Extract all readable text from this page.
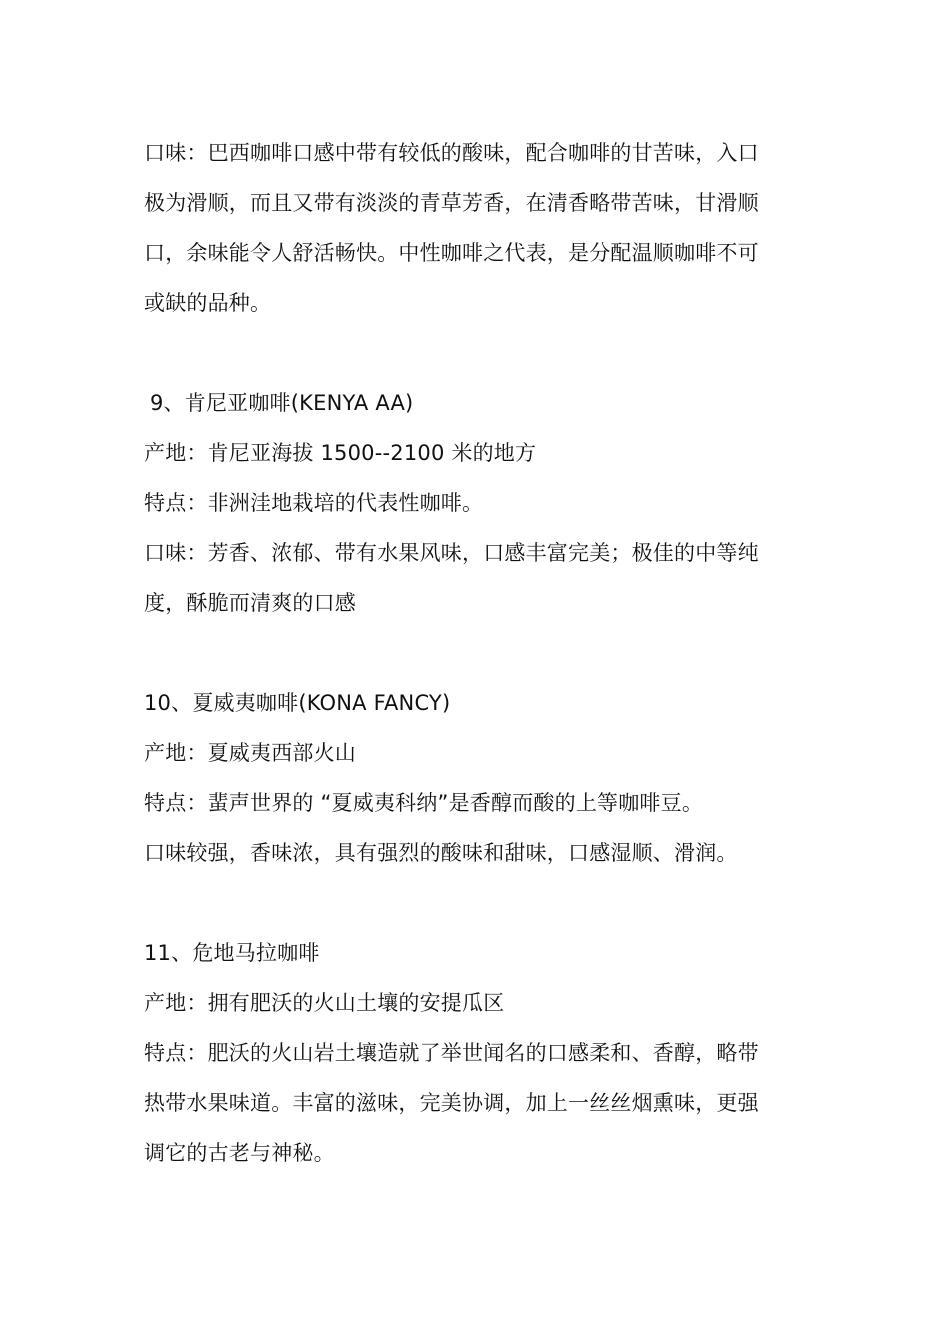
口味：巴西咖啡口感中带有较低的酸味，配合咖啡的甘苦味，入口
极为滑顺，而且又带有淡淡的青草芳香，在清香略带苦味，甘滑顺
口，余味能令人舒活畅快。中性咖啡之代表，是分配温顺咖啡不可
或缺的品种。
9、肯尼亚咖啡(KENYA AA)
产地：肯尼亚海拔 1500--2100 米的地方
特点：非洲洼地栽培的代表性咖啡。
口味：芳香、浓郁、带有水果风味，口感丰富完美；极佳的中等纯
度，酥脆而清爽的口感
10、夏威夷咖啡(KONA FANCY)
产地：夏威夷西部火山
特点：蜚声世界的 “夏威夷科纳”是香醇而酸的上等咖啡豆。
口味较强，香味浓，具有强烈的酸味和甜味，口感湿顺、滑润。
11、危地马拉咖啡
产地：拥有肥沃的火山土壤的安提瓜区
特点：肥沃的火山岩土壤造就了举世闻名的口感柔和、香醇，略带
热带水果味道。丰富的滋味，完美协调，加上一丝丝烟熏味，更强
调它的古老与神秘。
